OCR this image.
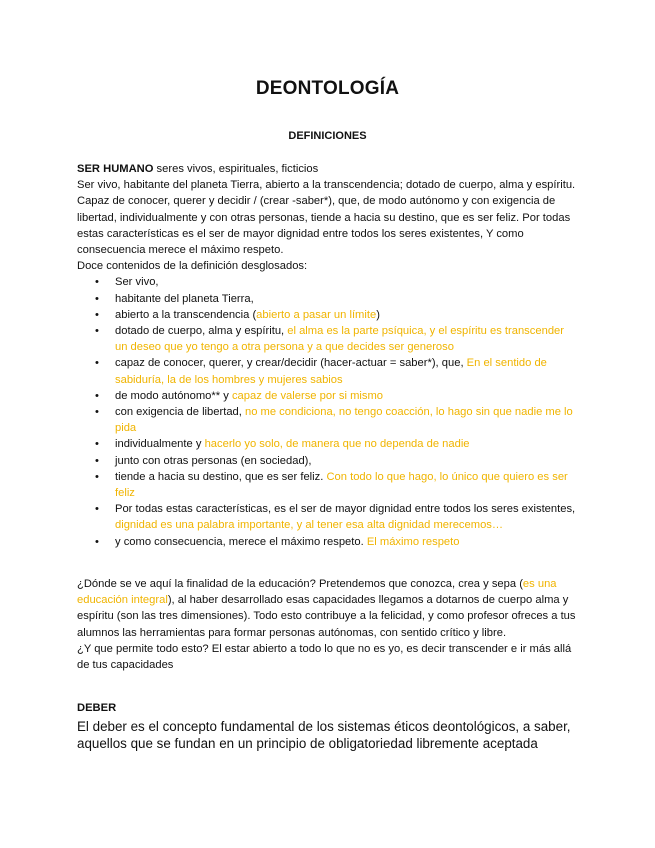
DEONTOLOGÍA
DEFINICIONES

SER HUMANO seres vivos, espirituales, ficticios

Ser vivo, habitante del planeta Tierra, abierto a la transcendencia; dotado de cuerpo, alma y espíritu. Capaz de conocer, querer y decidir / (crear -saber*), que, de modo autónomo y con exigencia de libertad, individualmente y con otras personas, tiende a hacia su destino, que es ser feliz. Por todas estas características es el ser de mayor dignidad entre todos los seres existentes, Y como consecuencia merece el máximo respeto.

Doce contenidos de la definición desglosados:

• Ser vivo,
• habitante del planeta Tierra,
• abierto a la transcendencia (abierto a pasar un límite)
• dotado de cuerpo, alma y espíritu, el alma es la parte psíquica, y el espíritu es transcender un deseo que yo tengo a otra persona y a que decides ser generoso
• capaz de conocer, querer, y crear/decidir (hacer-actuar = saber*), que, En el sentido de sabiduría, la de los hombres y mujeres sabios
• de modo autónomo** y capaz de valerse por si mismo
• con exigencia de libertad, no me condiciona, no tengo coacción, lo hago sin que nadie me lo pida
• individualmente y hacerlo yo solo, de manera que no dependa de nadie
• junto con otras personas (en sociedad),
• tiende a hacia su destino, que es ser feliz. Con todo lo que hago, lo único que quiero es ser feliz
• Por todas estas características, es el ser de mayor dignidad entre todos los seres existentes, dignidad es una palabra importante, y al tener esa alta dignidad merecemos…
• y como consecuencia, merece el máximo respeto. El máximo respeto

¿Dónde se ve aquí la finalidad de la educación? Pretendemos que conozca, crea y sepa (es una educación integral), al haber desarrollado esas capacidades llegamos a dotarnos de cuerpo alma y espíritu (son las tres dimensiones). Todo esto contribuye a la felicidad, y como profesor ofreces a tus alumnos las herramientas para formar personas autónomas, con sentido crítico y libre.

¿Y que permite todo esto? El estar abierto a todo lo que no es yo, es decir transcender e ir más allá de tus capacidades

DEBER

El deber es el concepto fundamental de los sistemas éticos deontológicos, a saber, aquellos que se fundan en un principio de obligatoriedad libremente aceptada
